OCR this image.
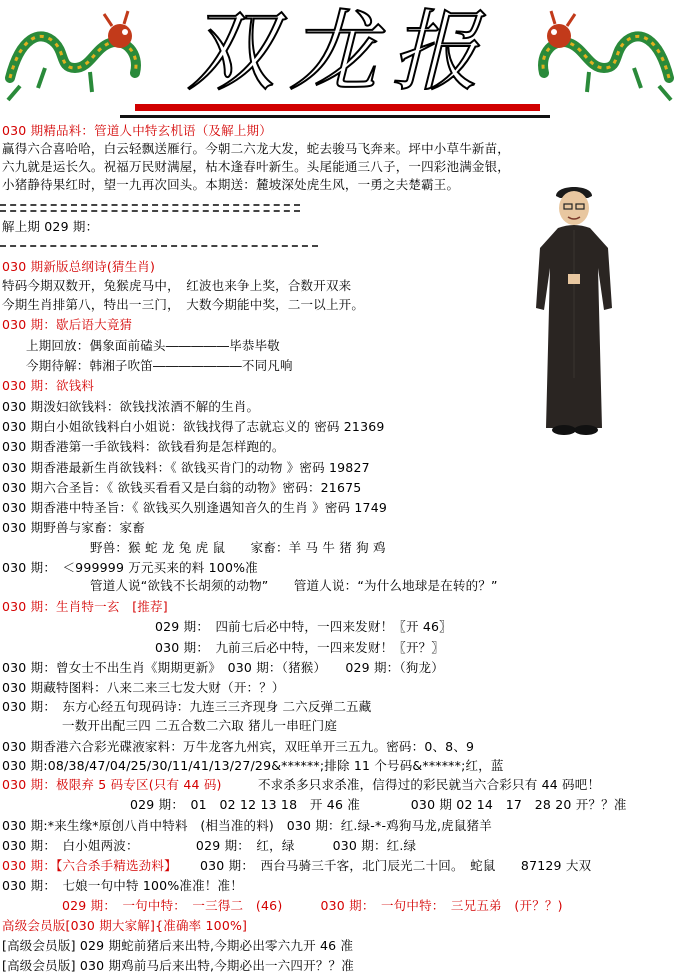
双龙报
030 期精品料：管道人中特玄机语（及解上期）
赢得六合喜哈哈，白云轻飘送雁行。今朝二六龙大发，蛇去骏马飞奔来。坪中小草牛新苗，
六九就是运长久。祝福万民财满屋，枯木逢春叶新生。头尾能通三八子，一四彩池满金银，
小猪静待果红时，望一九再次回头。本期送：麓坡深处虎生风，一勇之夫楚霸王。
解上期 029 期：
030 期新版总纲诗(猜生肖)
特码今期双数开，兔猴虎马中，　红波也来争上奖，合数开双来
今期生肖排第八，特出一三门，　大数今期能中奖，二一以上开。
030 期：歇后语大竟猜
上期回放：偶象面前磕头―――――毕恭毕敬
今期待解：韩湘子吹笛―――――――不同凡响
030 期：欲钱料
030 期泼妇欲钱料：欲钱找浓酒不解的生肖。
030 期白小姐欲钱料白小姐说：欲钱找得了志就忘义的 密码 21369
030 期香港第一手欲钱料：欲钱看狗是怎样跑的。
030 期香港最新生肖欲钱料：《 欲钱买肯门的动物 》密码 19827
030 期六合圣旨：《 欲钱买看看又是白翁的动物》密码：21675
030 期香港中特圣旨：《 欲钱买久别逢遇知音久的生肖 》密码 1749
030 期野兽与家畜：家畜
野兽：猴 蛇 龙 兔 虎 鼠　　家畜：羊 马 牛 猪 狗 鸡
030 期：　＜999999 万元买来的料 100%准
管道人说“欲钱不长胡须的动物”　　管道人说：“为什么地球是在转的？”
030 期：生肖特一玄　[推荐]
029 期：　四前七后必中特，一四来发财！〖开 46〗
030 期：　九前三后必中特，一四来发财！〖开？〗
030 期：曾女士不出生肖《期期更新》　030 期：（猪猴）　　029 期：（狗龙）
030 期藏特图料：八来二来三七发大财（开：？）
030 期：　东方心经五句现码诗：九连三三齐现身 二六反弹二五藏
一数开出配三四 二五合数二六取 猪儿一串旺门庭
030 期香港六合彩光碟液家料：万牛龙客九州宾，双旺单开三五九。密码：0、8、9
030 期:08/38/47/04/25/30/11/41/13/27/29&******;排除 11 个号码&******;红，蓝
030 期：极限弃 5 码专区(只有 44 码)	不求杀多只求杀准，信得过的彩民就当六合彩只有 44 码吧！
029 期：　01　02 12 13 18　开 46 准　　　　030 期 02 14　17　28 20 开？？准
030 期:*来生缘*原创八肖中特料　(相当准的料)　030 期：红.绿-*-鸡狗马龙,虎鼠猪羊
030 期：　白小姐两波：　　　　　029 期：　红，绿　　　030 期：红.绿
030 期：【六合杀手精选劲料】 030 期：　西台马骑三千客，北门辰光二十回。　蛇鼠　　87129 大双
030 期：　七娘一句中特 100%准准！准！
029 期：　一句中特：　一三得二　(46)　　　030 期：　一句中特：　三兄五弟　(开？？)
高级会员版[030 期大家解]{准确率 100%]
[高级会员版] 029 期蛇前猪后来出特,今期必出零六九开 46 准
[高级会员版] 030 期鸡前马后来出特,今期必出一六四开？？准
